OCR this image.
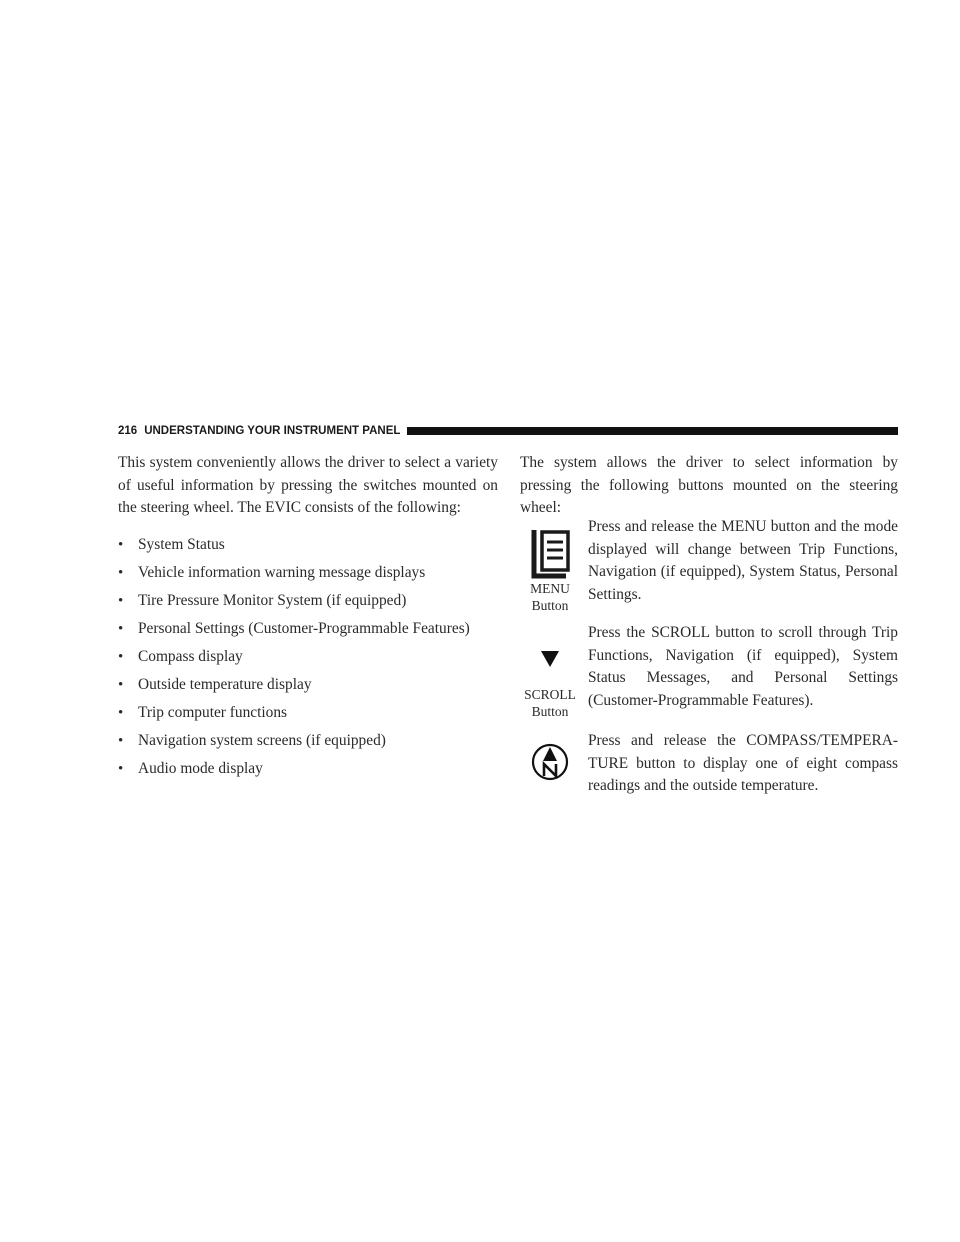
216 UNDERSTANDING YOUR INSTRUMENT PANEL

This system conveniently allows the driver to select a variety of useful information by pressing the switches mounted on the steering wheel. The EVIC consists of the following:

• System Status
• Vehicle information warning message displays
• Tire Pressure Monitor System (if equipped)
• Personal Settings (Customer-Programmable Features)
• Compass display
• Outside temperature display
• Trip computer functions
• Navigation system screens (if equipped)
• Audio mode display

The system allows the driver to select information by pressing the following buttons mounted on the steering wheel:

MENU
Button

Press and release the MENU button and the mode displayed will change between Trip Functions, Navigation (if equipped), System Status, Personal Settings.

SCROLL
Button

Press the SCROLL button to scroll through Trip Functions, Navigation (if equipped), System Status Messages, and Personal Settings (Customer-Programmable Features).

Press and release the COMPASS/TEMPERA-TURE button to display one of eight compass readings and the outside temperature.
